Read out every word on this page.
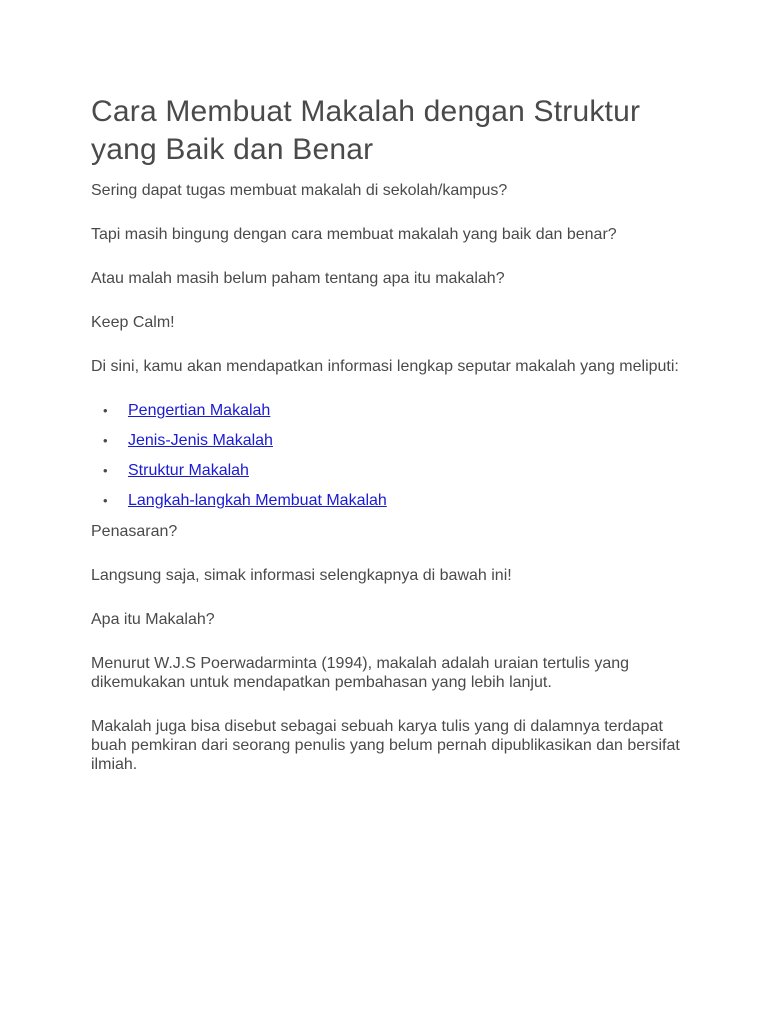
Cara Membuat Makalah dengan Struktur yang Baik dan Benar

Sering dapat tugas membuat makalah di sekolah/kampus?

Tapi masih bingung dengan cara membuat makalah yang baik dan benar?

Atau malah masih belum paham tentang apa itu makalah?

Keep Calm!

Di sini, kamu akan mendapatkan informasi lengkap seputar makalah yang meliputi:

• Pengertian Makalah
• Jenis-Jenis Makalah
• Struktur Makalah
• Langkah-langkah Membuat Makalah

Penasaran?

Langsung saja, simak informasi selengkapnya di bawah ini!

Apa itu Makalah?

Menurut W.J.S Poerwadarminta (1994), makalah adalah uraian tertulis yang dikemukakan untuk mendapatkan pembahasan yang lebih lanjut.

Makalah juga bisa disebut sebagai sebuah karya tulis yang di dalamnya terdapat buah pemkiran dari seorang penulis yang belum pernah dipublikasikan dan bersifat ilmiah.
